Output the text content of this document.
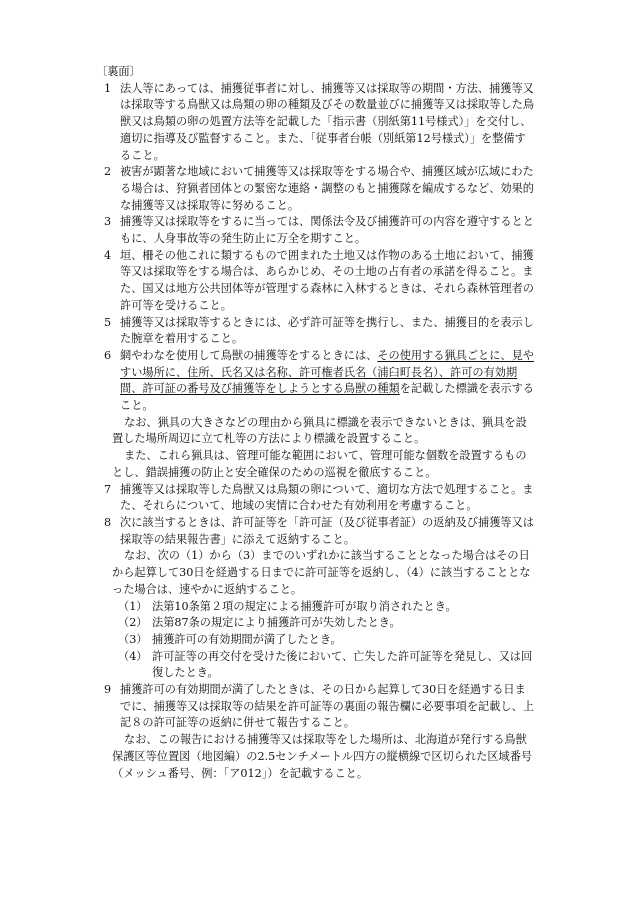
〔裏面〕
1 法人等にあっては、捕獲従事者に対し、捕獲等又は採取等の期間・方法、捕獲等又は採取等する鳥獣又は鳥類の卵の種類及びその数量並びに捕獲等又は採取等した鳥獣又は鳥類の卵の処置方法等を記載した「指示書（別紙第11号様式）」を交付し、適切に指導及び監督すること。また、「従事者台帳（別紙第12号様式）」を整備すること。
2 被害が顕著な地域において捕獲等又は採取等をする場合や、捕獲区域が広域にわたる場合は、狩猟者団体との緊密な連絡・調整のもと捕獲隊を編成するなど、効果的な捕獲等又は採取等に努めること。
3 捕獲等又は採取等をするに当っては、関係法令及び捕獲許可の内容を遵守するとともに、人身事故等の発生防止に万全を期すこと。
4 垣、柵その他これに類するもので囲まれた土地又は作物のある土地において、捕獲等又は採取等をする場合は、あらかじめ、その土地の占有者の承諾を得ること。また、国又は地方公共団体等が管理する森林に入林するときは、それら森林管理者の許可等を受けること。
5 捕獲等又は採取等するときには、必ず許可証等を携行し、また、捕獲目的を表示した腕章を着用すること。
6 網やわなを使用して鳥獣の捕獲等をするときには、その使用する猟具ごとに、見やすい場所に、住所、氏名又は名称、許可権者氏名（浦臼町長名）、許可の有効期間、許可証の番号及び捕獲等をしようとする鳥獣の種類を記載した標識を表示すること。
なお、猟具の大きさなどの理由から猟具に標識を表示できないときは、猟具を設置した場所周辺に立て札等の方法により標識を設置すること。
また、これら猟具は、管理可能な範囲において、管理可能な個数を設置するものとし、錯誤捕獲の防止と安全確保のための巡視を徹底すること。
7 捕獲等又は採取等した鳥獣又は鳥類の卵について、適切な方法で処理すること。また、それらについて、地域の実情に合わせた有効利用を考慮すること。
8 次に該当するときは、許可証等を「許可証（及び従事者証）の返納及び捕獲等又は採取等の結果報告書」に添えて返納すること。
なお、次の（1）から（3）までのいずれかに該当することとなった場合はその日から起算して30日を経過する日までに許可証等を返納し、（4）に該当することとなった場合は、速やかに返納すること。
（1） 法第10条第２項の規定による捕獲許可が取り消されたとき。
（2） 法第87条の規定により捕獲許可が失効したとき。
（3） 捕獲許可の有効期間が満了したとき。
（4） 許可証等の再交付を受けた後において、亡失した許可証等を発見し、又は回復したとき。
9 捕獲許可の有効期間が満了したときは、その日から起算して30日を経過する日までに、捕獲等又は採取等の結果を許可証等の裏面の報告欄に必要事項を記載し、上記８の許可証等の返納に併せて報告すること。
なお、この報告における捕獲等又は採取等をした場所は、北海道が発行する鳥獣保護区等位置図（地図編）の2.5センチメートル四方の縦横線で区切られた区域番号（メッシュ番号、例：「ア012」）を記載すること。
